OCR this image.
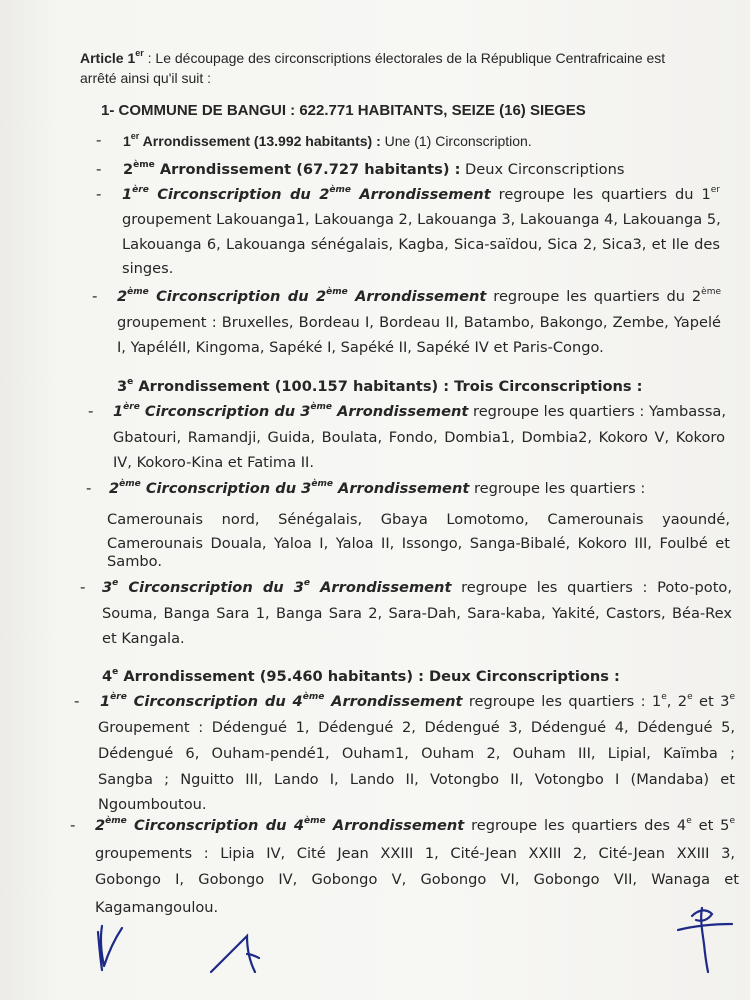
Article 1er : Le découpage des circonscriptions électorales de la République Centrafricaine est
arrêté ainsi qu'il suit :
1- COMMUNE DE BANGUI : 622.771 HABITANTS, SEIZE (16) SIEGES
- 1er Arrondissement (13.992 habitants) : Une (1) Circonscription.
- 2ème Arrondissement (67.727 habitants) : Deux Circonscriptions
- 1ère Circonscription du 2ème Arrondissement regroupe les quartiers du 1er
groupement Lakouanga1, Lakouanga 2, Lakouanga 3, Lakouanga 4, Lakouanga 5,
Lakouanga 6, Lakouanga sénégalais, Kagba, Sica-saïdou, Sica 2, Sica3, et Ile des
singes.
- 2ème Circonscription du 2ème Arrondissement regroupe les quartiers du 2ème
groupement : Bruxelles, Bordeau I, Bordeau II, Batambo, Bakongo, Zembe, Yapelé
I, YapéléII, Kingoma, Sapéké I, Sapéké II, Sapéké IV et Paris-Congo.
3e Arrondissement (100.157 habitants) : Trois Circonscriptions :
- 1ère Circonscription du 3ème Arrondissement regroupe les quartiers : Yambassa,
Gbatouri, Ramandji, Guida, Boulata, Fondo, Dombia1, Dombia2, Kokoro V, Kokoro
IV, Kokoro-Kina et Fatima II.
- 2ème Circonscription du 3ème Arrondissement regroupe les quartiers :
Camerounais nord, Sénégalais, Gbaya Lomotomo, Camerounais yaoundé,
Camerounais Douala, Yaloa I, Yaloa II, Issongo, Sanga-Bibalé, Kokoro III, Foulbé et
Sambo.
- 3e Circonscription du 3e Arrondissement regroupe les quartiers : Poto-poto,
Souma, Banga Sara 1, Banga Sara 2, Sara-Dah, Sara-kaba, Yakité, Castors, Béa-Rex
et Kangala.
4e Arrondissement (95.460 habitants) : Deux Circonscriptions :
- 1ère Circonscription du 4ème Arrondissement regroupe les quartiers : 1e, 2e et 3e
Groupement : Dédengué 1, Dédengué 2, Dédengué 3, Dédengué 4, Dédengué 5,
Dédengué 6, Ouham-pendé1, Ouham1, Ouham 2, Ouham III, Lipial, Kaïmba ;
Sangba ; Nguitto III, Lando I, Lando II, Votongbo II, Votongbo I (Mandaba) et
Ngoumboutou.
- 2ème Circonscription du 4ème Arrondissement regroupe les quartiers des 4e et 5e
groupements : Lipia IV, Cité Jean XXIII 1, Cité-Jean XXIII 2, Cité-Jean XXIII 3,
Gobongo I, Gobongo IV, Gobongo V, Gobongo VI, Gobongo VII, Wanaga et
Kagamangoulou.
